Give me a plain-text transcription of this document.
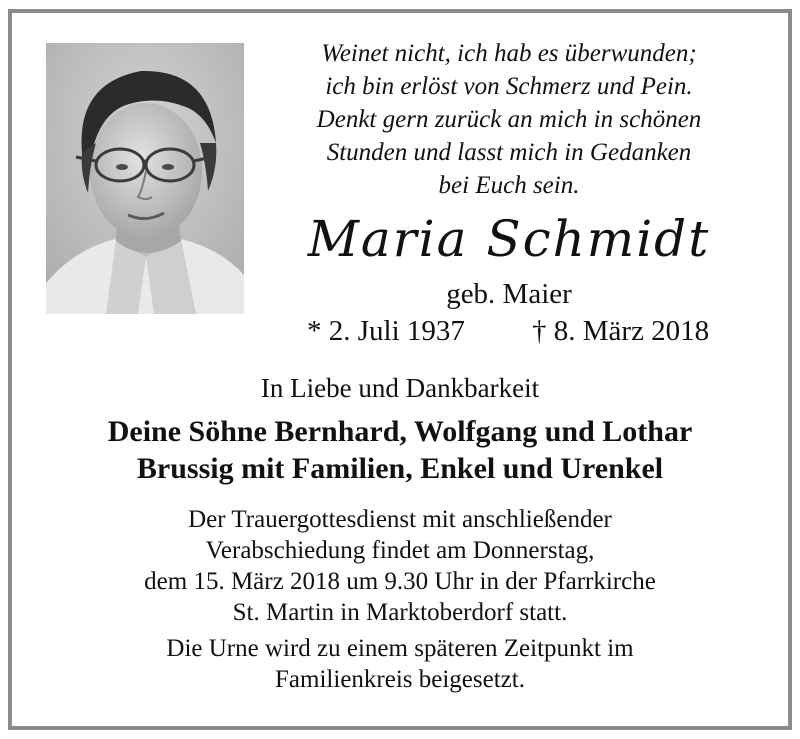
Weinet nicht, ich hab es überwunden;
ich bin erlöst von Schmerz und Pein.
Denkt gern zurück an mich in schönen
Stunden und lasst mich in Gedanken
bei Euch sein.
Maria Schmidt
geb. Maier
* 2. Juli 1937 † 8. März 2018
In Liebe und Dankbarkeit
Deine Söhne Bernhard, Wolfgang und Lothar
Brussig mit Familien, Enkel und Urenkel
Der Trauergottesdienst mit anschließender
Verabschiedung findet am Donnerstag,
dem 15. März 2018 um 9.30 Uhr in der Pfarrkirche
St. Martin in Marktoberdorf statt.
Die Urne wird zu einem späteren Zeitpunkt im
Familienkreis beigesetzt.
